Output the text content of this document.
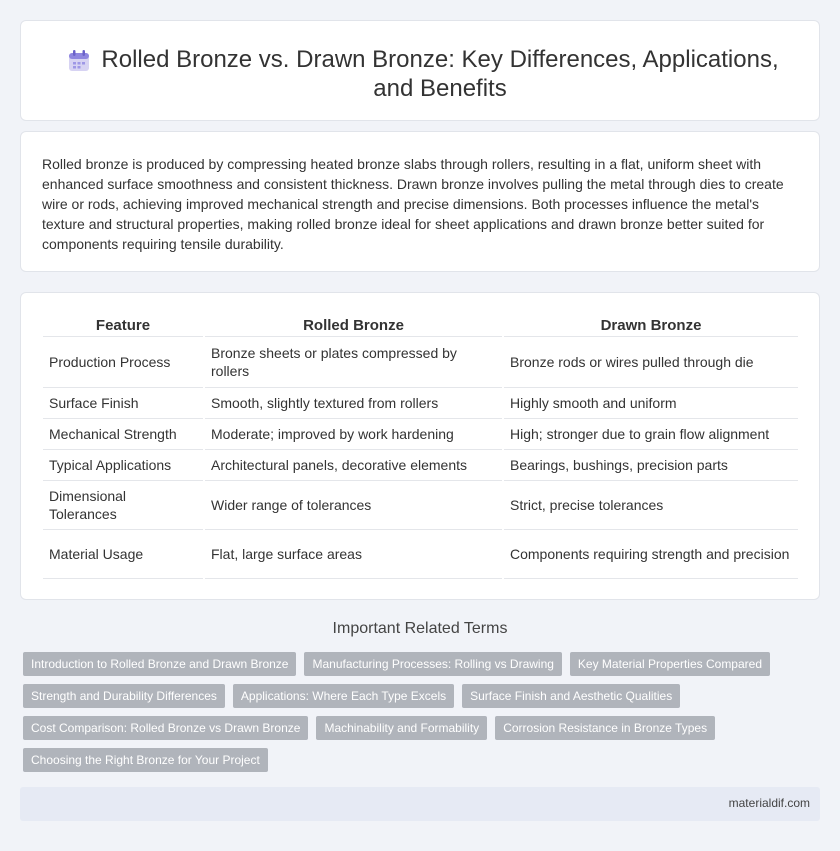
Rolled Bronze vs. Drawn Bronze: Key Differences, Applications, and Benefits

Rolled bronze is produced by compressing heated bronze slabs through rollers, resulting in a flat, uniform sheet with enhanced surface smoothness and consistent thickness. Drawn bronze involves pulling the metal through dies to create wire or rods, achieving improved mechanical strength and precise dimensions. Both processes influence the metal's texture and structural properties, making rolled bronze ideal for sheet applications and drawn bronze better suited for components requiring tensile durability.

Feature	Rolled Bronze	Drawn Bronze
Production Process	Bronze sheets or plates compressed by rollers	Bronze rods or wires pulled through die
Surface Finish	Smooth, slightly textured from rollers	Highly smooth and uniform
Mechanical Strength	Moderate; improved by work hardening	High; stronger due to grain flow alignment
Typical Applications	Architectural panels, decorative elements	Bearings, bushings, precision parts
Dimensional Tolerances	Wider range of tolerances	Strict, precise tolerances
Material Usage	Flat, large surface areas	Components requiring strength and precision
Important Related Terms
Introduction to Rolled Bronze and Drawn Bronze	Manufacturing Processes: Rolling vs Drawing	Key Material Properties Compared
Strength and Durability Differences	Applications: Where Each Type Excels	Surface Finish and Aesthetic Qualities
Cost Comparison: Rolled Bronze vs Drawn Bronze	Machinability and Formability	Corrosion Resistance in Bronze Types
Choosing the Right Bronze for Your Project
materialdif.com
